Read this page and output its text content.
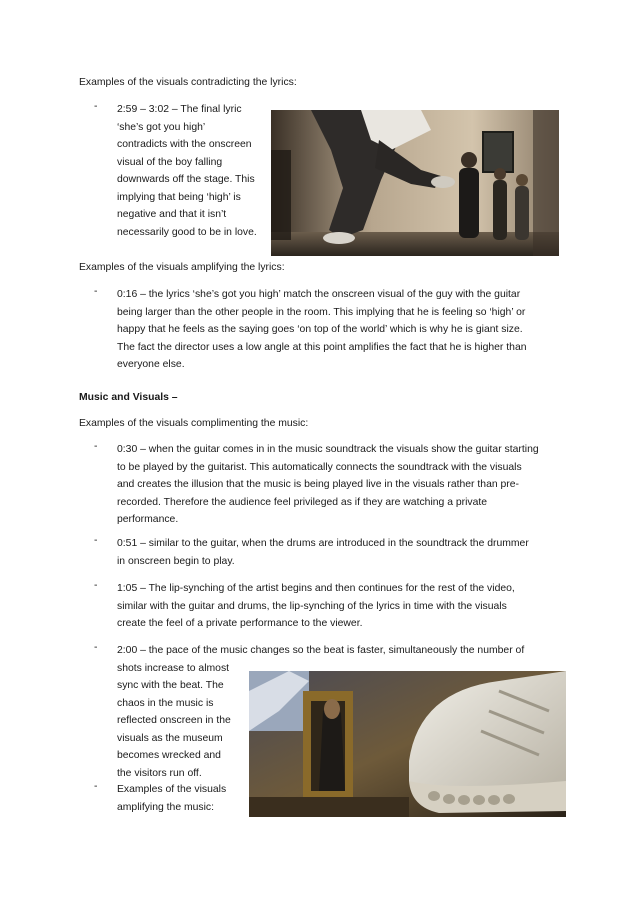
Examples of the visuals contradicting the lyrics:
-	2:59 – 3:02 – The final lyric
‘she’s got you high’
contradicts with the onscreen
visual of the boy falling
downwards off the stage. This
implying that being ‘high’ is
negative and that it isn’t
necessarily good to be in love.
Examples of the visuals amplifying the lyrics:
-	0:16 – the lyrics ‘she’s got you high’ match the onscreen visual of the guy with the guitar
being larger than the other people in the room. This implying that he is feeling so ‘high’ or
happy that he feels as the saying goes ‘on top of the world’ which is why he is giant size.
The fact the director uses a low angle at this point amplifies the fact that he is higher than
everyone else.
Music and Visuals –
Examples of the visuals complimenting the music:
-	0:30 – when the guitar comes in in the music soundtrack the visuals show the guitar starting
to be played by the guitarist. This automatically connects the soundtrack with the visuals
and creates the illusion that the music is being played live in the visuals rather than pre-
recorded. Therefore the audience feel privileged as if they are watching a private
performance.
-	0:51 – similar to the guitar, when the drums are introduced in the soundtrack the drummer
in onscreen begin to play.
-	1:05 – The lip-synching of the artist begins and then continues for the rest of the video,
similar with the guitar and drums, the lip-synching of the lyrics in time with the visuals
create the feel of a private performance to the viewer.
-	2:00 – the pace of the music changes so the beat is faster, simultaneously the number of
shots increase to almost
sync with the beat. The
chaos in the music is
reflected onscreen in the
visuals as the museum
becomes wrecked and
the visitors run off.
-	Examples of the visuals
amplifying the music:
